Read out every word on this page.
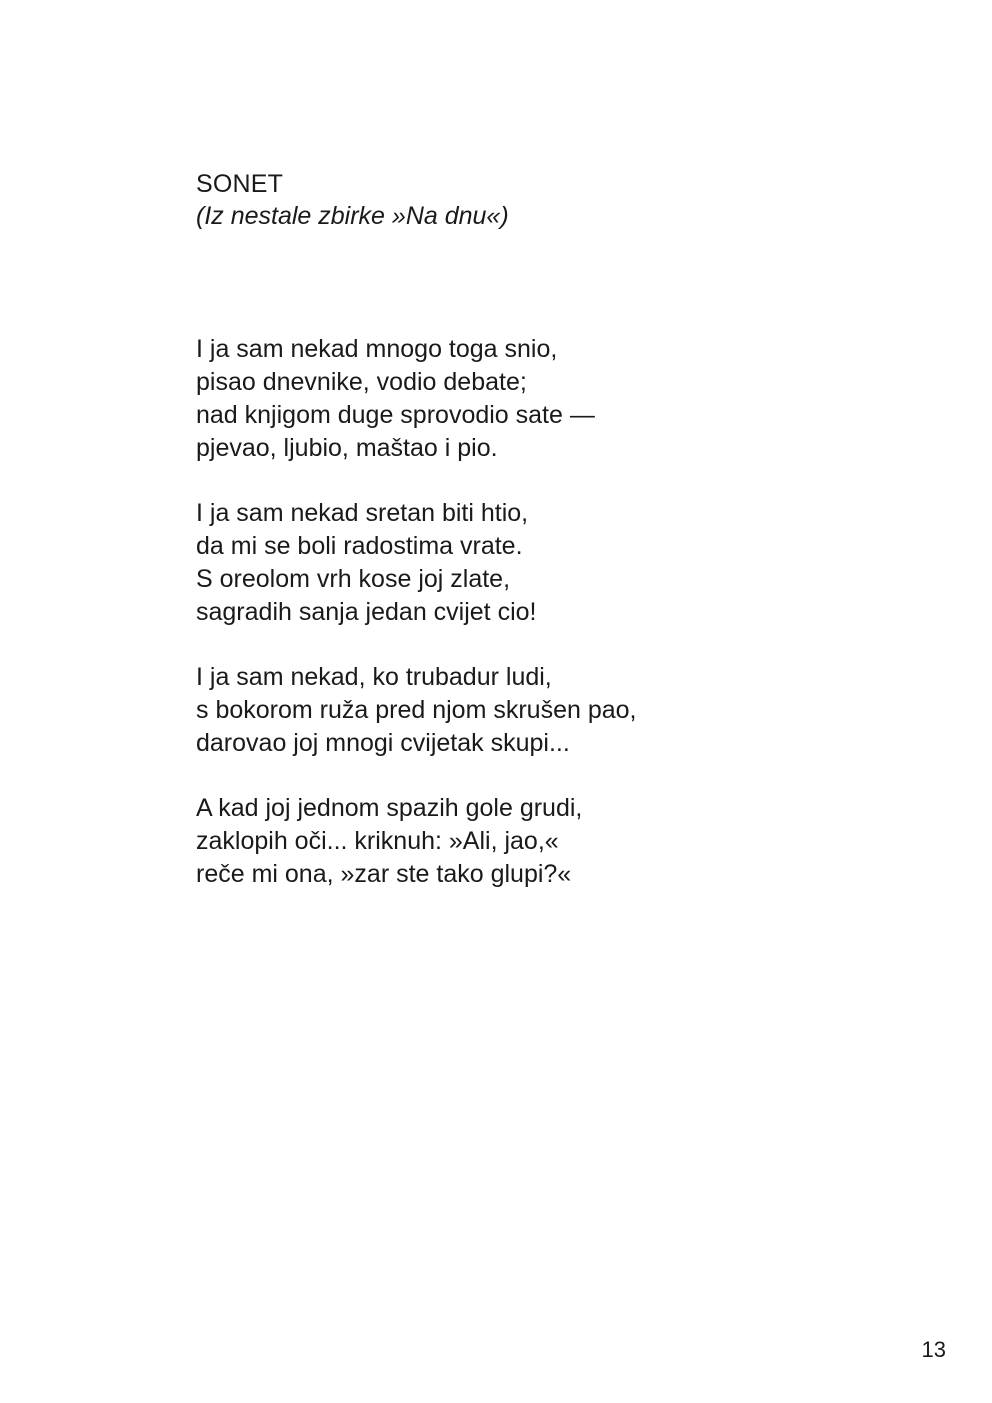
SONET

(Iz nestale zbirke »Na dnu«)

I ja sam nekad mnogo toga snio,
pisao dnevnike, vodio debate;
nad knjigom duge sprovodio sate —
pjevao, ljubio, maštao i pio.
I ja sam nekad sretan biti htio,
da mi se boli radostima vrate.
S oreolom vrh kose joj zlate,
sagradih sanja jedan cvijet cio!
I ja sam nekad, ko trubadur ludi,
s bokorom ruža pred njom skrušen pao,
darovao joj mnogi cvijetak skupi...
A kad joj jednom spazih gole grudi,
zaklopih oči... kriknuh: »Ali, jao,«
reče mi ona, »zar ste tako glupi?«
13
